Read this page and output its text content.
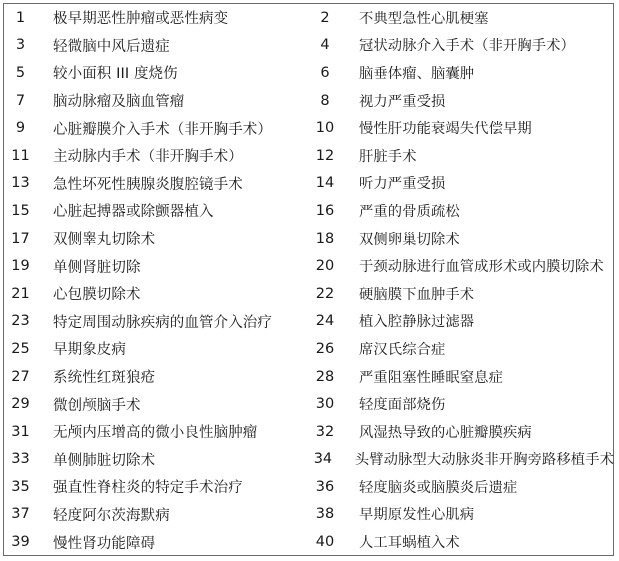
1	极早期恶性肿瘤或恶性病变	2	不典型急性心肌梗塞
3	轻微脑中风后遗症	4	冠状动脉介入手术（非开胸手术）
5	较小面积 III 度烧伤	6	脑垂体瘤、脑囊肿
7	脑动脉瘤及脑血管瘤	8	视力严重受损
9	心脏瓣膜介入手术（非开胸手术）	10	慢性肝功能衰竭失代偿早期
11	主动脉内手术（非开胸手术）	12	肝脏手术
13	急性坏死性胰腺炎腹腔镜手术	14	听力严重受损
15	心脏起搏器或除颤器植入	16	严重的骨质疏松
17	双侧睾丸切除术	18	双侧卵巢切除术
19	单侧肾脏切除	20	于颈动脉进行血管成形术或内膜切除术
21	心包膜切除术	22	硬脑膜下血肿手术
23	特定周围动脉疾病的血管介入治疗	24	植入腔静脉过滤器
25	早期象皮病	26	席汉氏综合症
27	系统性红斑狼疮	28	严重阻塞性睡眠窒息症
29	微创颅脑手术	30	轻度面部烧伤
31	无颅内压增高的微小良性脑肿瘤	32	风湿热导致的心脏瓣膜疾病
33	单侧肺脏切除术	34	头臂动脉型大动脉炎非开胸旁路移植手术
35	强直性脊柱炎的特定手术治疗	36	轻度脑炎或脑膜炎后遗症
37	轻度阿尔茨海默病	38	早期原发性心肌病
39	慢性肾功能障碍	40	人工耳蜗植入术
